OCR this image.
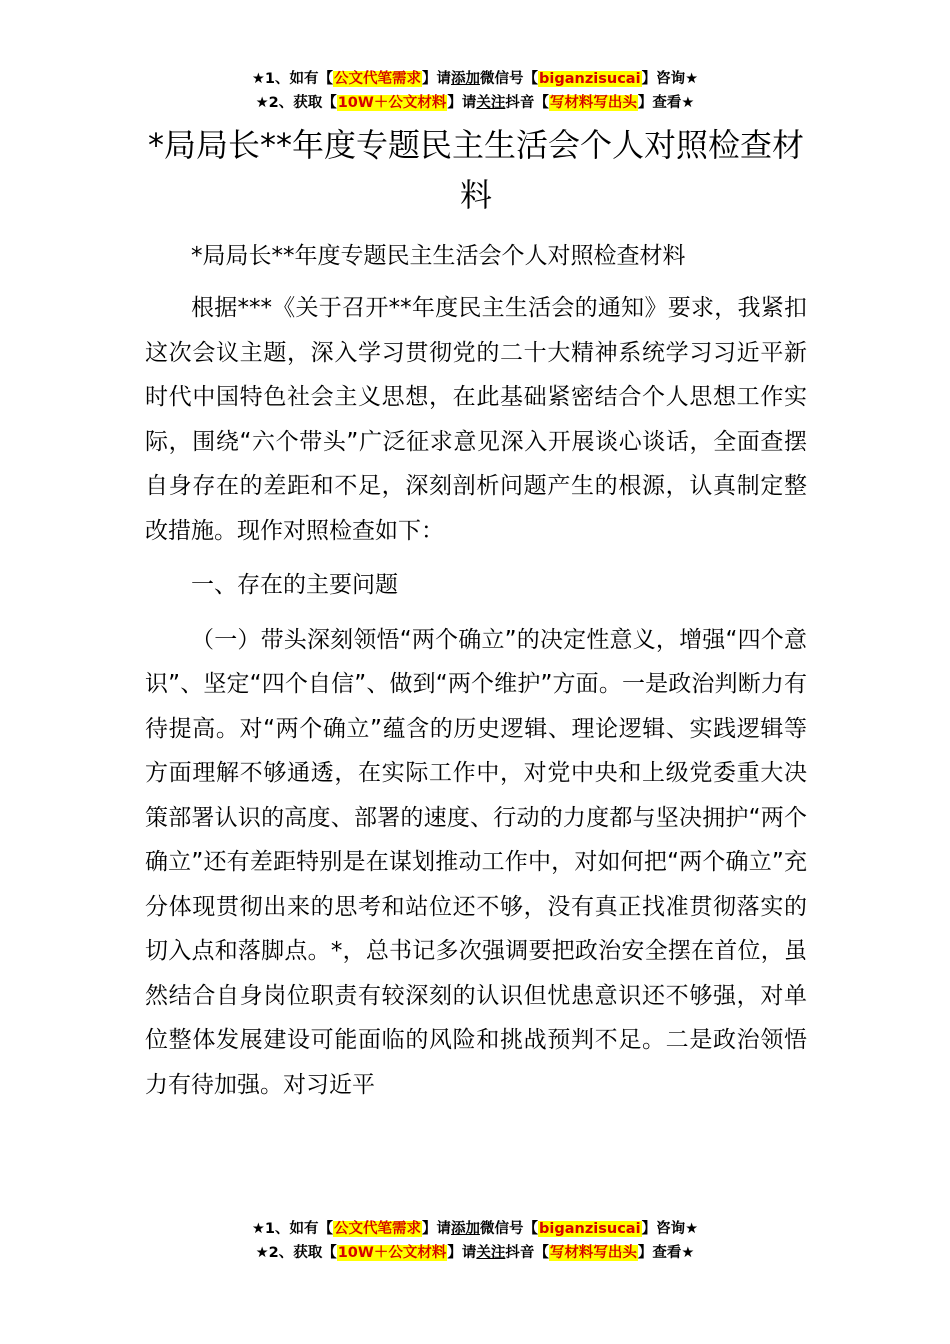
★1、如有【公文代笔需求】请添加微信号【biganzisucai】咨询★
★2、获取【10W＋公文材料】请关注抖音【写材料写出头】查看★
*局局长**年度专题民主生活会个人对照检查材料

*局局长**年度专题民主生活会个人对照检查材料

根据***《关于召开**年度民主生活会的通知》要求，我紧扣这次会议主题，深入学习贯彻党的二十大精神系统学习习近平新时代中国特色社会主义思想，在此基础紧密结合个人思想工作实际，围绕“六个带头”广泛征求意见深入开展谈心谈话，全面查摆自身存在的差距和不足，深刻剖析问题产生的根源，认真制定整改措施。现作对照检查如下：

一、存在的主要问题

（一）带头深刻领悟“两个确立”的决定性意义，增强“四个意识”、坚定“四个自信”、做到“两个维护”方面。一是政治判断力有待提高。对“两个确立”蕴含的历史逻辑、理论逻辑、实践逻辑等方面理解不够通透，在实际工作中，对党中央和上级党委重大决策部署认识的高度、部署的速度、行动的力度都与坚决拥护“两个确立”还有差距特别是在谋划推动工作中，对如何把“两个确立”充分体现贯彻出来的思考和站位还不够，没有真正找准贯彻落实的切入点和落脚点。*，总书记多次强调要把政治安全摆在首位，虽然结合自身岗位职责有较深刻的认识但忧患意识还不够强，对单位整体发展建设可能面临的风险和挑战预判不足。二是政治领悟力有待加强。对习近平

★1、如有【公文代笔需求】请添加微信号【biganzisucai】咨询★
★2、获取【10W＋公文材料】请关注抖音【写材料写出头】查看★
